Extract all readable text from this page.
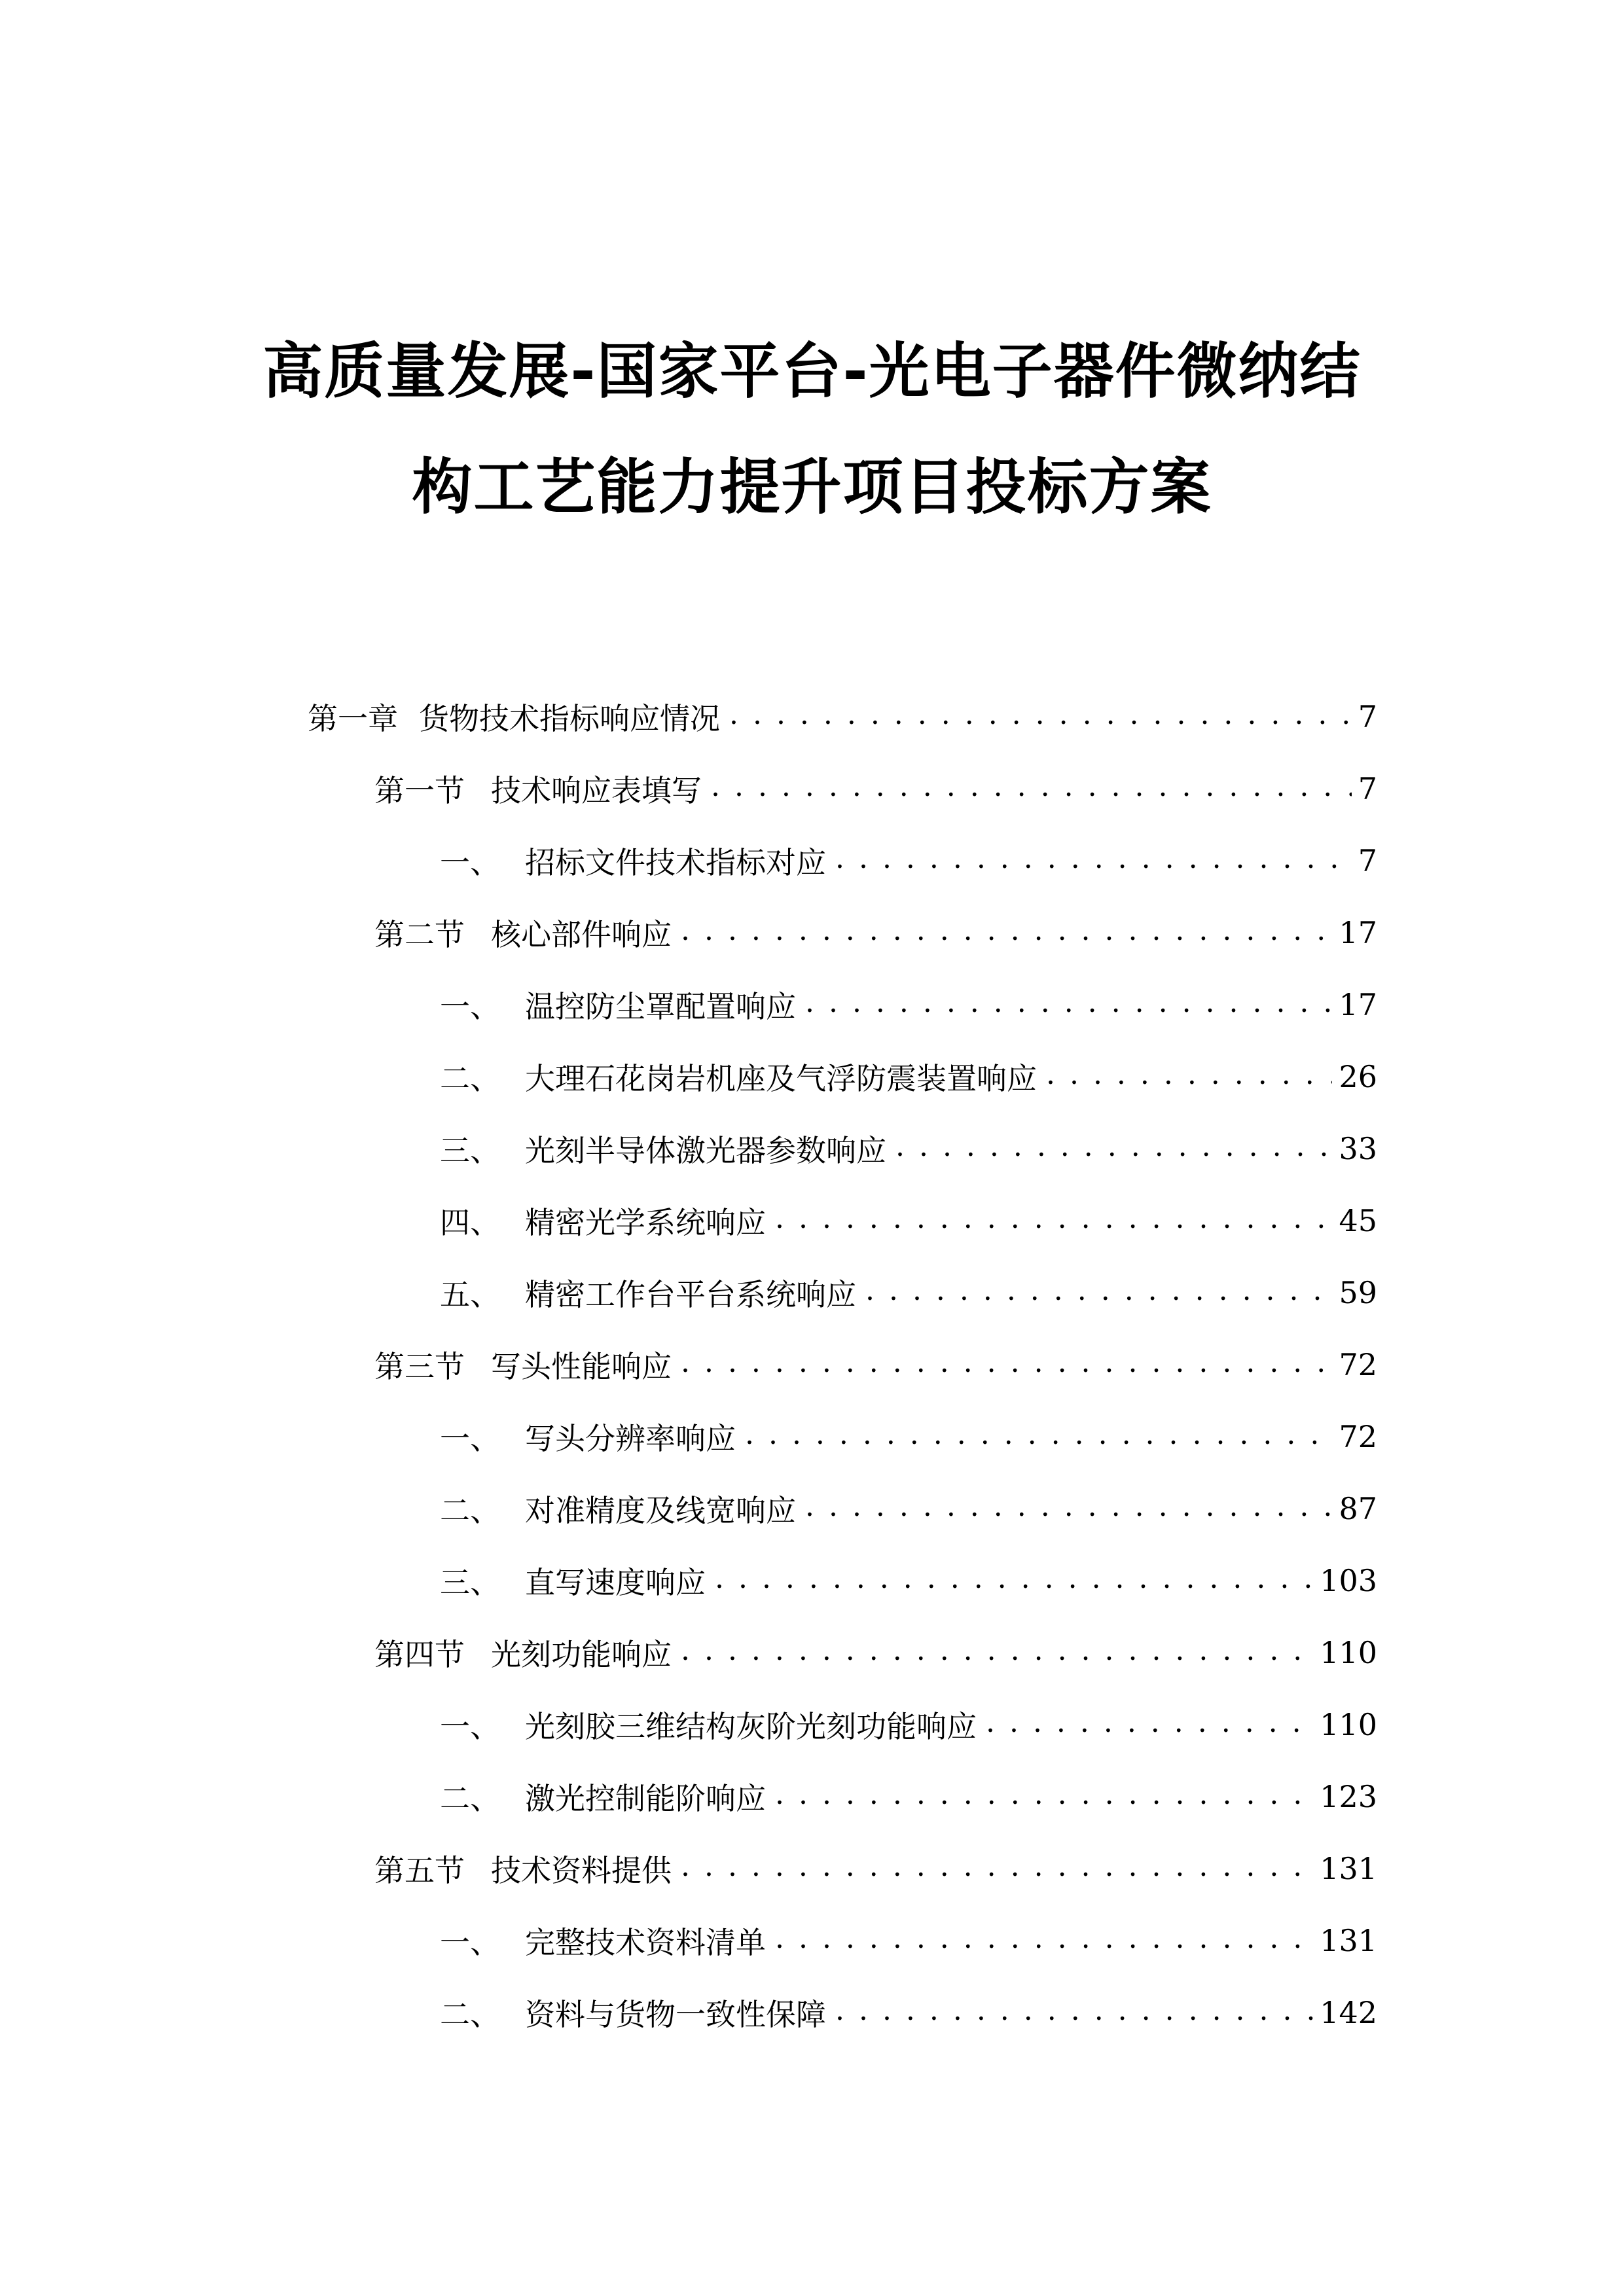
高质量发展-国家平台-光电子器件微纳结
构工艺能力提升项目投标方案
第一章 货物技术指标响应情况 . . .	7
第一节 技术响应表填写 . . .	7
一、 招标文件技术指标对应 . . .	7
第二节 核心部件响应 . . .	17
一、 温控防尘罩配置响应 . . .	17
二、 大理石花岗岩机座及气浮防震装置响应 . . .	26
三、 光刻半导体激光器参数响应 . . .	33
四、 精密光学系统响应 . . .	45
五、 精密工作台平台系统响应 . . .	59
第三节 写头性能响应 . . .	72
一、 写头分辨率响应 . . .	72
二、 对准精度及线宽响应 . . .	87
三、 直写速度响应 . . .	103
第四节 光刻功能响应 . . .	110
一、 光刻胶三维结构灰阶光刻功能响应 . . .	110
二、 激光控制能阶响应 . . .	123
第五节 技术资料提供 . . .	131
一、 完整技术资料清单 . . .	131
二、 资料与货物一致性保障 . . .	142
